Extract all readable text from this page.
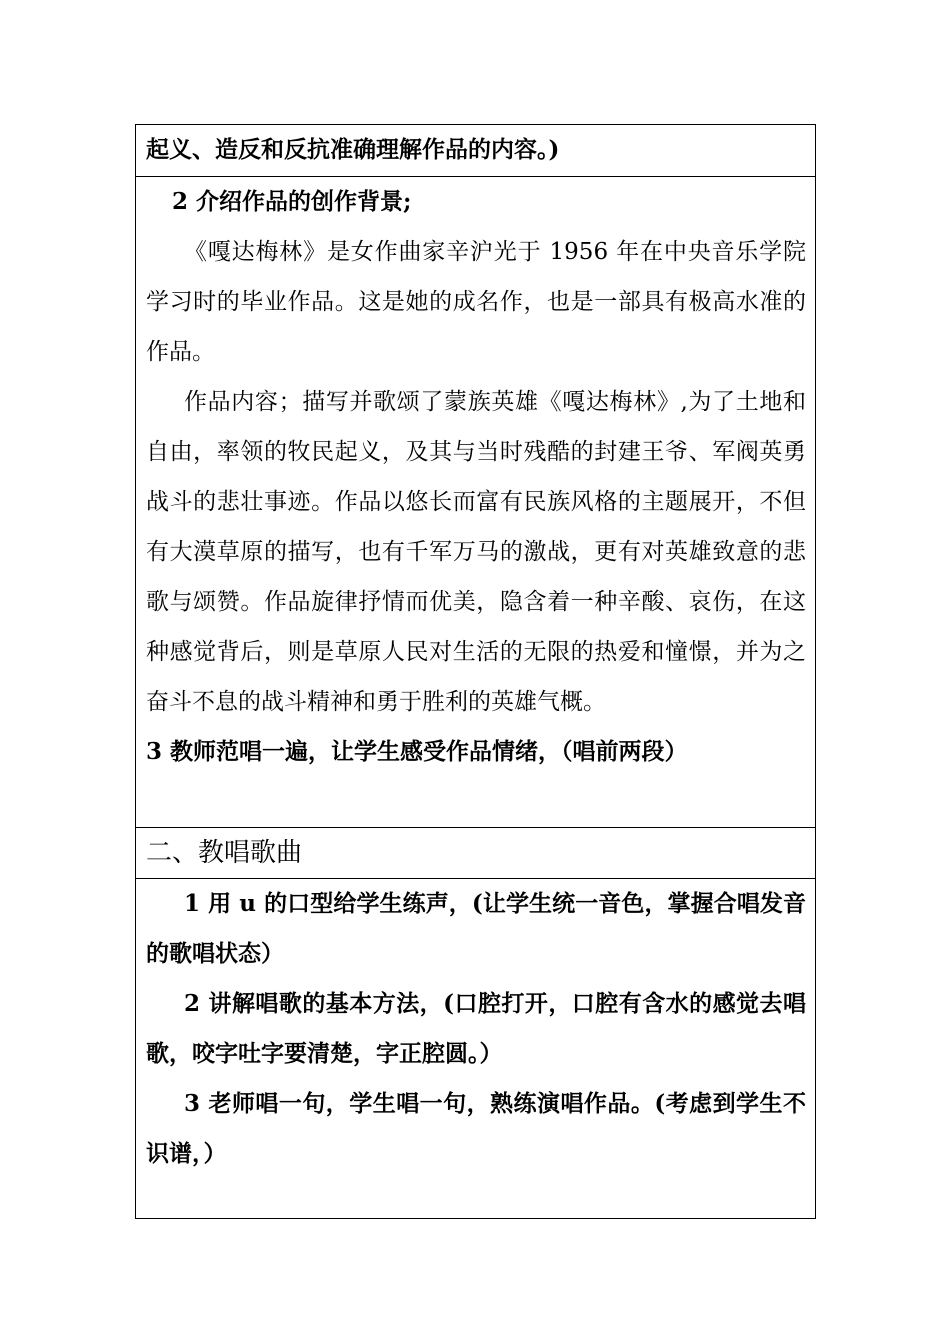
起义、造反和反抗准确理解作品的内容。)

2 介绍作品的创作背景;

《嘎达梅林》是女作曲家辛沪光于 1956 年在中央音乐学院学习时的毕业作品。这是她的成名作，也是一部具有极高水准的作品。

作品内容；描写并歌颂了蒙族英雄《嘎达梅林》,为了土地和自由，率领的牧民起义，及其与当时残酷的封建王爷、军阀英勇战斗的悲壮事迹。作品以悠长而富有民族风格的主题展开，不但有大漠草原的描写，也有千军万马的激战，更有对英雄致意的悲歌与颂赞。作品旋律抒情而优美，隐含着一种辛酸、哀伤，在这种感觉背后，则是草原人民对生活的无限的热爱和憧憬，并为之奋斗不息的战斗精神和勇于胜利的英雄气概。

3 教师范唱一遍，让学生感受作品情绪，（唱前两段）

二、教唱歌曲

1 用 u 的口型给学生练声，(让学生统一音色，掌握合唱发音的歌唱状态）

2 讲解唱歌的基本方法，(口腔打开，口腔有含水的感觉去唱歌，咬字吐字要清楚，字正腔圆。）

3 老师唱一句，学生唱一句，熟练演唱作品。(考虑到学生不识谱，）
